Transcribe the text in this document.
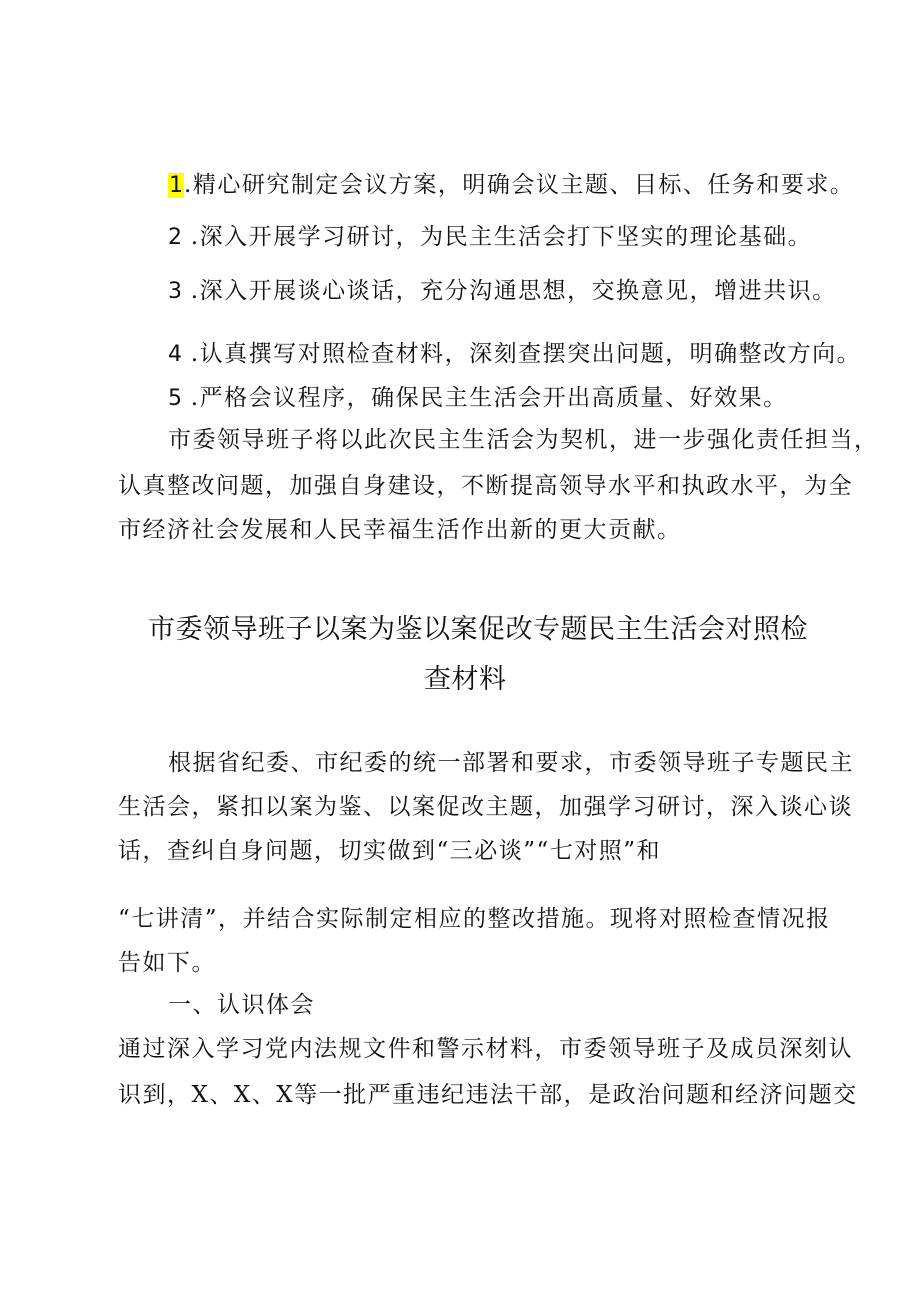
1.精心研究制定会议方案，明确会议主题、目标、任务和要求。
2 .深入开展学习研讨，为民主生活会打下坚实的理论基础。
3 .深入开展谈心谈话，充分沟通思想，交换意见，增进共识。
4 .认真撰写对照检查材料，深刻查摆突出问题，明确整改方向。
5 .严格会议程序，确保民主生活会开出高质量、好效果。
市委领导班子将以此次民主生活会为契机，进一步强化责任担当，
认真整改问题，加强自身建设，不断提高领导水平和执政水平，为全
市经济社会发展和人民幸福生活作出新的更大贡献。
市委领导班子以案为鉴以案促改专题民主生活会对照检
查材料
根据省纪委、市纪委的统一部署和要求，市委领导班子专题民主
生活会，紧扣以案为鉴、以案促改主题，加强学习研讨，深入谈心谈
话，查纠自身问题，切实做到“三必谈”“七对照”和
“七讲清”，并结合实际制定相应的整改措施。现将对照检查情况报
告如下。
一、认识体会
通过深入学习党内法规文件和警示材料，市委领导班子及成员深刻认
识到，X、X、X等一批严重违纪违法干部，是政治问题和经济问题交
